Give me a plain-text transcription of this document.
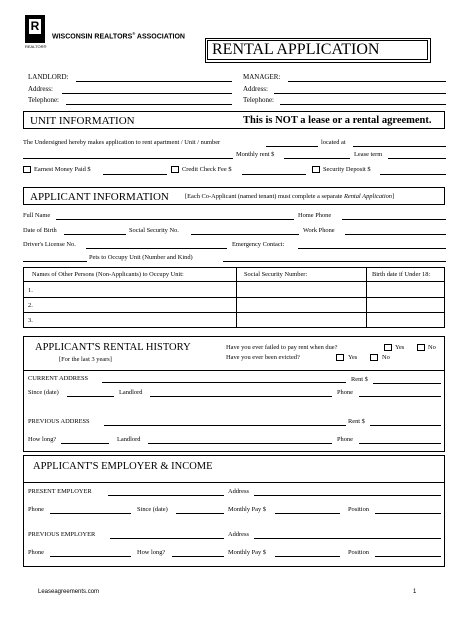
R
REALTOR®
WISCONSIN REALTORS® ASSOCIATION
RENTAL APPLICATION
LANDLORD:
Address:
Telephone:
MANAGER:
Address:
Telephone:
UNIT INFORMATION	This is NOT a lease or a rental agreement.
The Undersigned hereby makes application to rent apartment / Unit / number	located at
Monthly rent $	Lease term
Earnest Money Paid $	Credit Check Fee $	Security Deposit $
APPLICANT INFORMATION	[Each Co-Applicant (named tenant) must complete a separate Rental Application]
Full Name	Home Phone
Date of Birth	Social Security No.	Work Phone
Driver's License No.	Emergency Contact:
Pets to Occupy Unit (Number and Kind)
Names of Other Persons (Non-Applicants) to Occupy Unit:	Social Security Number:	Birth date if Under 18:
1.
2.
3.
APPLICANT'S RENTAL HISTORY
[For the last 3 years]
Have you ever failed to pay rent when due?	Yes	No
Have you ever been evicted?	Yes	No
CURRENT ADDRESS	Rent $
Since (date)	Landlord	Phone
PREVIOUS ADDRESS	Rent $
How long?	Landlord	Phone
APPLICANT'S EMPLOYER & INCOME
PRESENT EMPLOYER	Address
Phone	Since (date)	Monthly Pay $	Position
PREVIOUS EMPLOYER	Address
Phone	How long?	Monthly Pay $	Position
Leaseagreements.com	1
